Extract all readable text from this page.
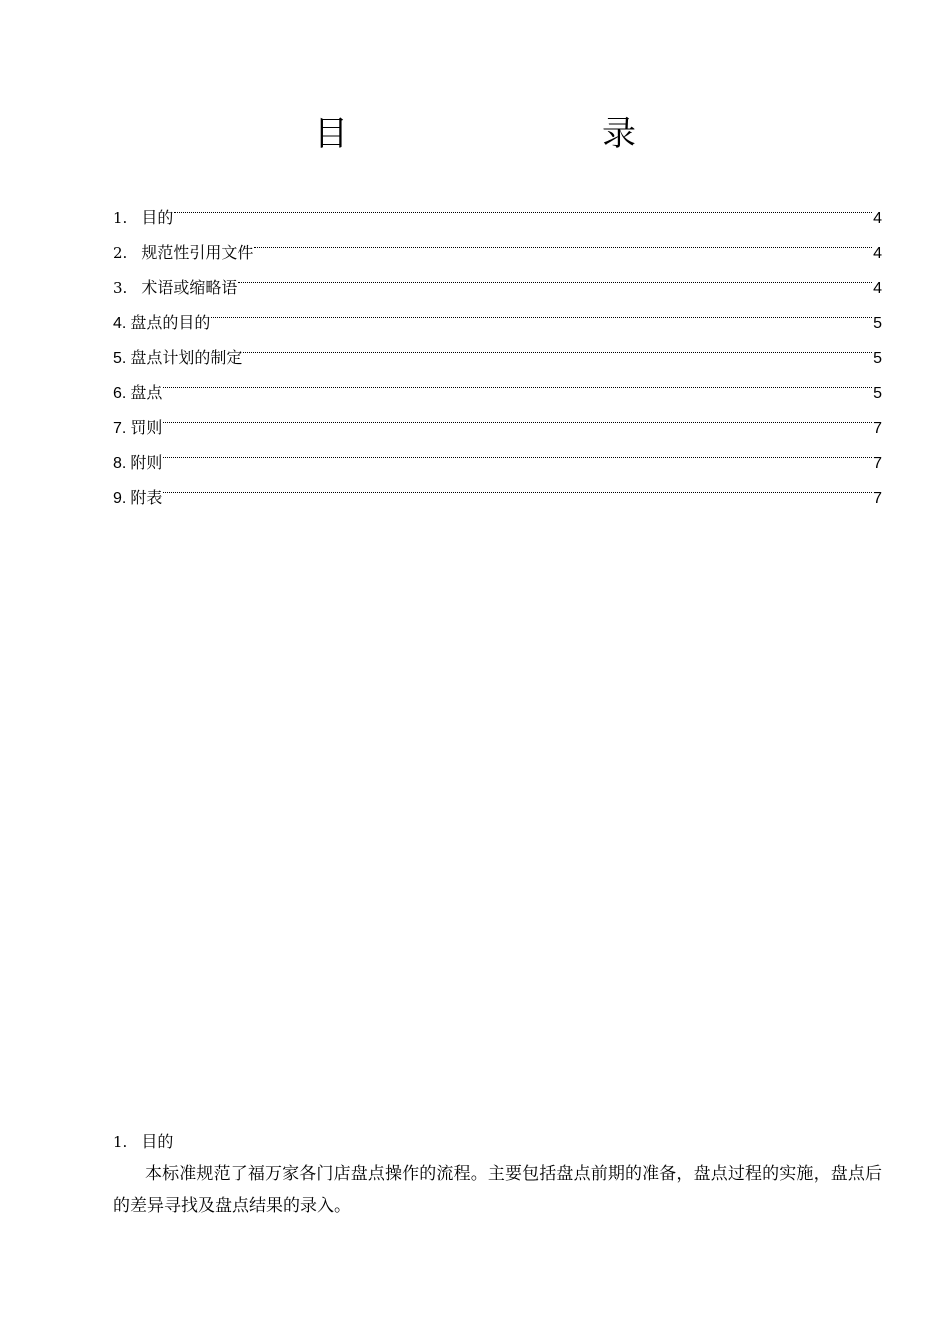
目　　录
1. 目的	4
2. 规范性引用文件	4
3. 术语或缩略语	4
4. 盘点的目的	5
5. 盘点计划的制定	5
6. 盘点	5
7. 罚则	7
8. 附则	7
9. 附表	7
1. 目的

本标准规范了福万家各门店盘点操作的流程。主要包括盘点前期的准备，盘点过程的实施，盘点后的差异寻找及盘点结果的录入。
